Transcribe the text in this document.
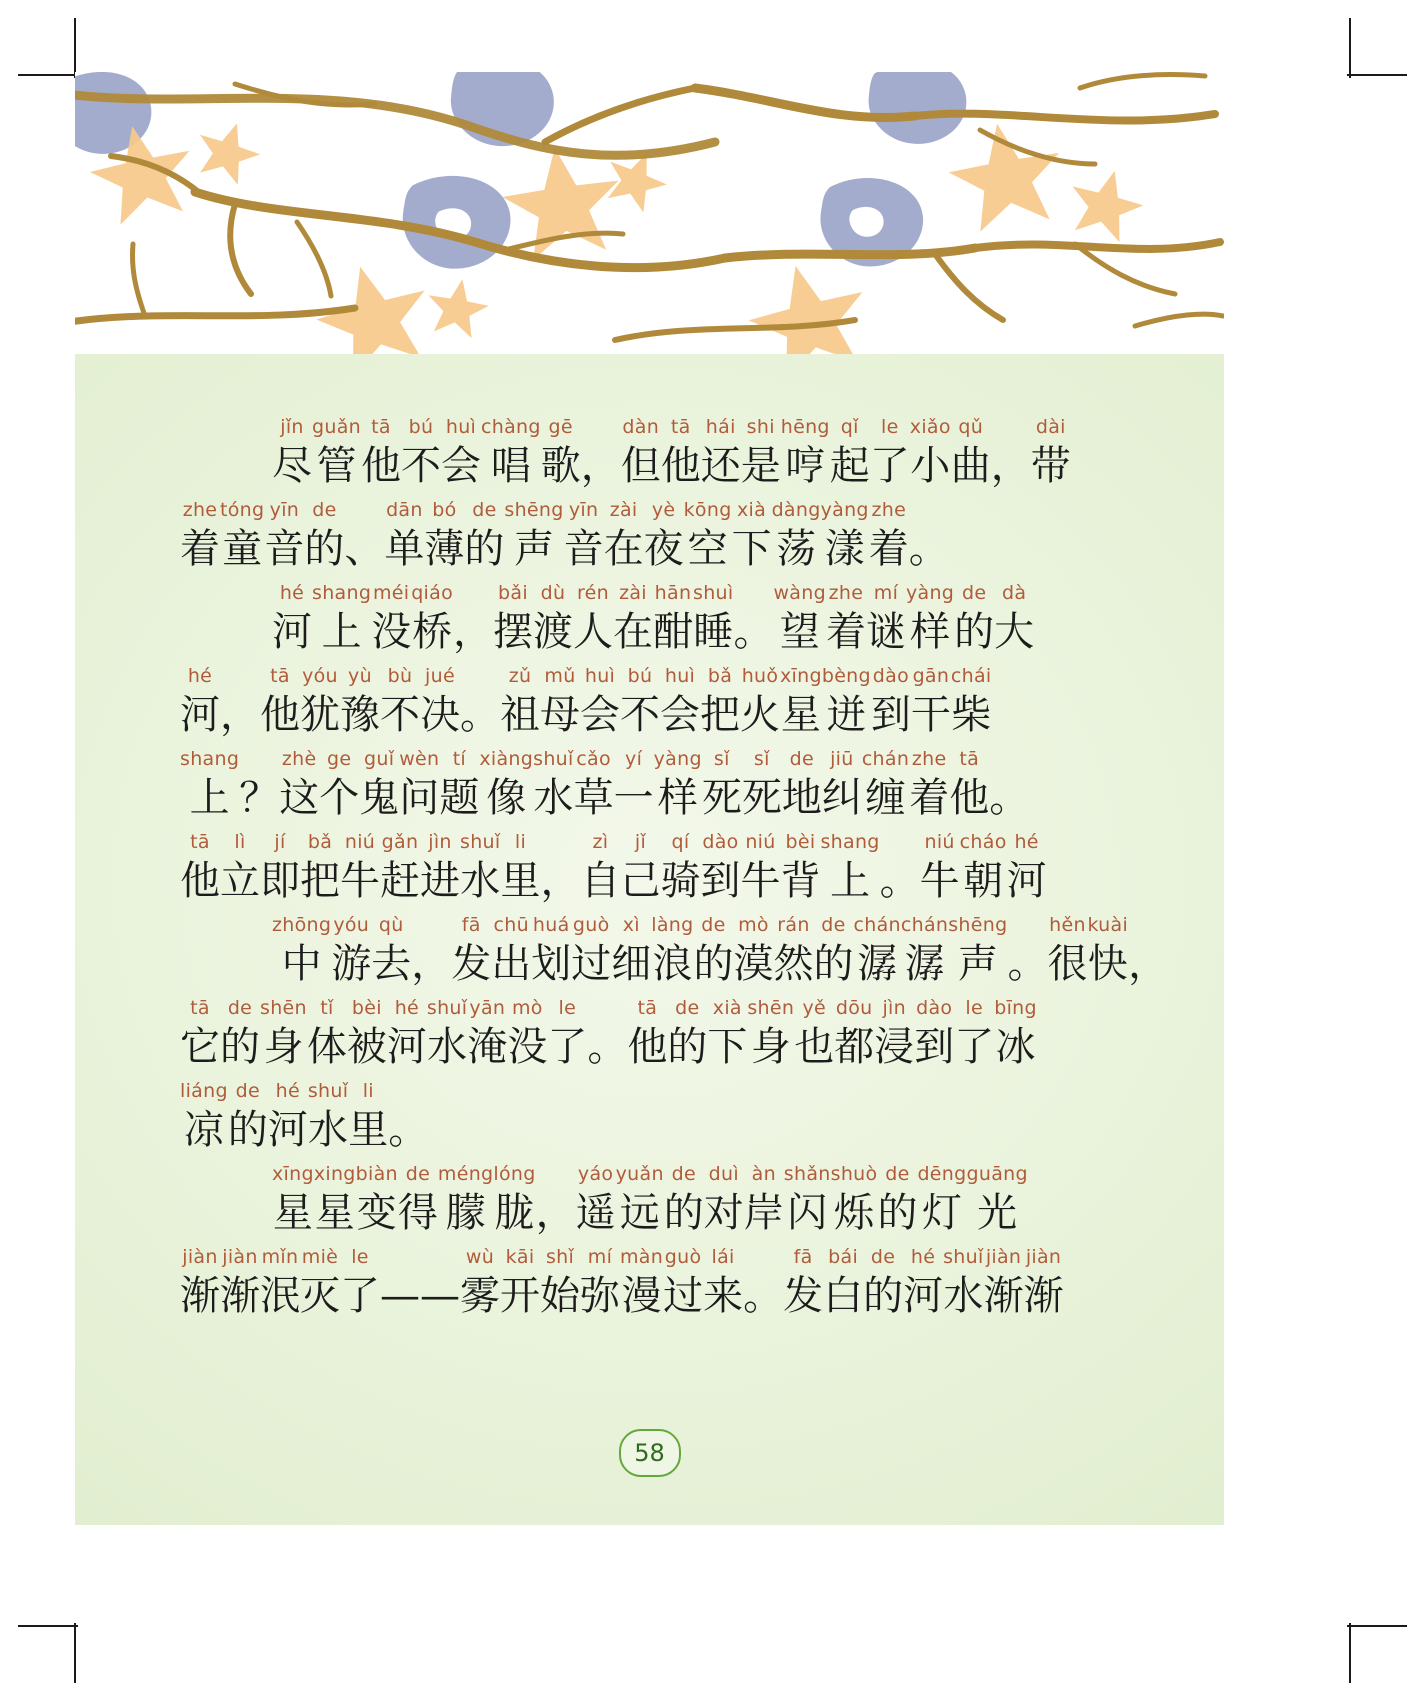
jǐn
尽
guǎn
管
tā
他
bú
不
huì
会
chàng
唱
gē
歌 ，
dàn
但
tā
他
hái
还
shi
是
hēng
哼
qǐ
起
le
了
xiǎo
小
qǔ
曲 ，
dài
带
zhe
着
tóng
童
yīn
音
de
的 、
dān
单
bó
薄
de
的
shēng
声
yīn
音
zài
在
yè
夜
kōng
空
xià
下
dàng
荡
yàng
漾
zhe
着 。
hé
河
shang
上
méi
没
qiáo
桥 ，
bǎi
摆
dù
渡
rén
人
zài
在
hān
酣
shuì
睡 。
wàng
望
zhe
着
mí
谜
yàng
样
de
的
dà
大
hé
河 ，
tā
他
yóu
犹
yù
豫
bù
不
jué
决 。
zǔ
祖
mǔ
母
huì
会
bú
不
huì
会
bǎ
把
huǒ
火
xīng
星
bèng
迸
dào
到
gān
干
chái
柴
shang
上 ？
zhè
这
ge
个
guǐ
鬼
wèn
问
tí
题
xiàng
像
shuǐ
水
cǎo
草
yí
一
yàng
样
sǐ
死
sǐ
死
de
地
jiū
纠
chán
缠
zhe
着
tā
他 。
tā
他
lì
立
jí
即
bǎ
把
niú
牛
gǎn
赶
jìn
进
shuǐ
水
li
里 ，
zì
自
jǐ
己
qí
骑
dào
到
niú
牛
bèi
背
shang
上 。
niú
牛
cháo
朝
hé
河
zhōng
中
yóu
游
qù
去 ，
fā
发
chū
出
huá
划
guò
过
xì
细
làng
浪
de
的
mò
漠
rán
然
de
的
chán
潺
chán
潺
shēng
声 。
hěn
很
kuài
快 ，
tā
它
de
的
shēn
身
tǐ
体
bèi
被
hé
河
shuǐ
水
yān
淹
mò
没
le
了 。
tā
他
de
的
xià
下
shēn
身
yě
也
dōu
都
jìn
浸
dào
到
le
了
bīng
冰
liáng
凉
de
的
hé
河
shuǐ
水
li
里 。
xīng
星
xing
星
biàn
变
de
得
méng
朦
lóng
胧 ，
yáo
遥
yuǎn
远
de
的
duì
对
àn
岸
shǎn
闪
shuò
烁
de
的
dēng
灯
guāng
光
jiàn
渐
jiàn
渐
mǐn
泯
miè
灭
le
了 ——
wù
雾
kāi
开
shǐ
始
mí
弥
màn
漫
guò
过
lái
来 。
fā
发
bái
白
de
的
hé
河
shuǐ
水
jiàn
渐
jiàn
渐
58
